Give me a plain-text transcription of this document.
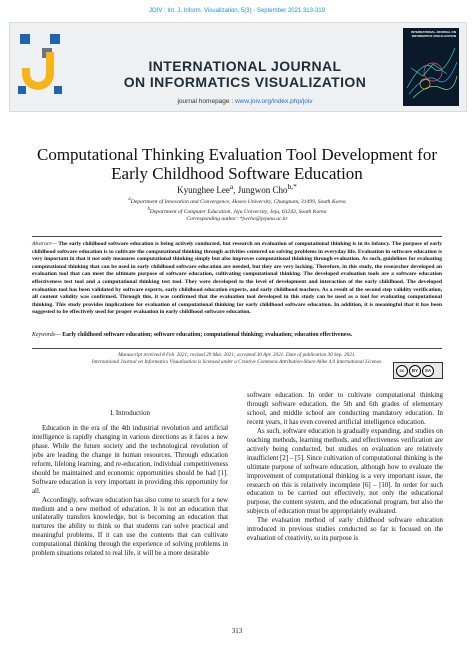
JOIV : Int. J. Inform. Visualization, 5(3) - September 2021 313-319
INTERNATIONAL JOURNAL
ON INFORMATICS VISUALIZATION
journal homepage : www.joiv.org/index.php/joiv
INTERNATIONAL JOURNAL ON INFORMATICS VISUALIZATION
Computational Thinking Evaluation Tool Development for Early Childhood Software Education
Kyunghee Lee$^a$, Jungwon Cho$^{b,*}$
$^a$Department of Innovation and Convergence, Hoseo University, Chungnam, 31499, South Korea
$^b$Department of Computer Education, Jeju University, Jeju, 63243, South Korea
Corresponding author: *jwcho@jejunu.ac.kr
Abstract— The early childhood software education is being actively conducted, but research on evaluation of computational thinking is in its infancy. The purpose of early childhood software education is to cultivate the computational thinking through activities centered on solving problems in everyday life. Evaluation in software education is very important in that it not only measures computational thinking simply but also improves computational thinking through evaluation. As such, guidelines for evaluating computational thinking that can be used in early childhood software education are needed, but they are very lacking. Therefore, in this study, the researcher developed an evaluation tool that can meet the ultimate purpose of software education, cultivating computational thinking. The developed evaluation tools are a software education effectiveness test tool and a computational thinking test tool. They were developed to the level of development and interaction of the early childhood. The developed evaluation tool has been validated by software experts, early childhood education experts, and early childhood teachers. As a result of the second step validity verification, all content validity was confirmed. Through this, it was confirmed that the evaluation tool developed in this study can be used as a tool for evaluating computational thinking. This study provides implications for evaluation of computational thinking for early childhood software education. In addition, it is meaningful that it has been suggested to be effectively used for proper evaluation in early childhood software education.
Keywords— Early childhood software education; software education; computational thinking; evaluation; education effectiveness.
Manuscript received 8 Feb. 2021; revised 29 Mar. 2021; accepted 30 Apr. 2021. Date of publication 30 Sep. 2021.
International Journal on Informatics Visualization is licensed under a Creative Commons Attribution-Share Alike 4.0 International License.
cc	BY	SA
I. Introduction

Education in the era of the 4th industrial revolution and artificial intelligence is rapidly changing in various directions as it faces a new phase. While the future society and the technological revolution of jobs are leading the change in human resources, Through education reform, lifelong learning, and re-education, individual competitiveness should be maintained and economic opportunities should be had [1]. Software education is very important in providing this opportunity for all.

Accordingly, software education has also come to search for a new medium and a new method of education. It is not an education that unilaterally transfers knowledge, but is becoming an education that nurtures the ability to think so that students can solve practical and meaningful problems. If it can use the contents that can cultivate computational thinking through the experience of solving problems in problem situations related to real life, it will be a more desirable

software education. In order to cultivate computational thinking through software education, the 5th and 6th grades of elementary school, and middle school are conducting mandatory education. In recent years, it has even covered artificial intelligence education.

As such, software education is gradually expanding, and studies on teaching methods, learning methods, and effectiveness verification are actively being conducted, but studies on evaluation are relatively insufficient [2] – [5]. Since cultivation of computational thinking is the ultimate purpose of software education, although how to evaluate the improvement of computational thinking is a very important issue, the research on this is relatively incomplete [6] – [10]. In order for such education to be carried out effectively, not only the educational purpose, the content system, and the educational program, but also the subjects of education must be appropriately evaluated.

The evaluation method of early childhood software education introduced in previous studies conducted so far is focused on the evaluation of creativity, so its purpose is

313
